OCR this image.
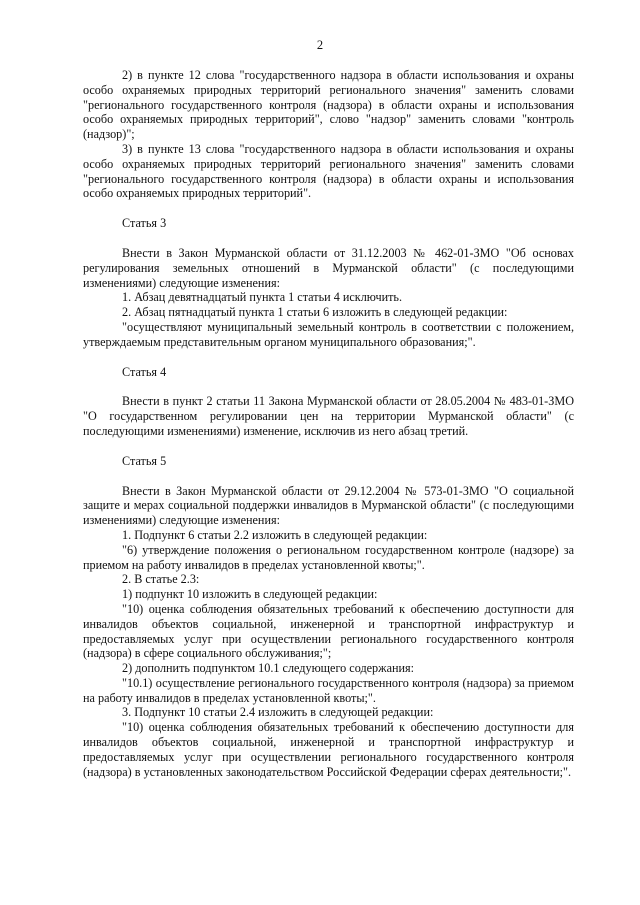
2

2) в пункте 12 слова "государственного надзора в области использования и охраны особо охраняемых природных территорий регионального значения" заменить словами "регионального государственного контроля (надзора) в области охраны и использования особо охраняемых природных территорий", слово "надзор" заменить словами "контроль (надзор)";

3) в пункте 13 слова "государственного надзора в области использования и охраны особо охраняемых природных территорий регионального значения" заменить словами "регионального государственного контроля (надзора) в области охраны и использования особо охраняемых природных территорий".

Статья 3

Внести в Закон Мурманской области от 31.12.2003 № 462-01-ЗМО "Об основах регулирования земельных отношений в Мурманской области" (с последующими изменениями) следующие изменения:

1. Абзац девятнадцатый пункта 1 статьи 4 исключить.

2. Абзац пятнадцатый пункта 1 статьи 6 изложить в следующей редакции:

"осуществляют муниципальный земельный контроль в соответствии с положением, утверждаемым представительным органом муниципального образования;".

Статья 4

Внести в пункт 2 статьи 11 Закона Мурманской области от 28.05.2004 № 483-01-ЗМО "О государственном регулировании цен на территории Мурманской области" (с последующими изменениями) изменение, исключив из него абзац третий.

Статья 5

Внести в Закон Мурманской области от 29.12.2004 № 573-01-ЗМО "О социальной защите и мерах социальной поддержки инвалидов в Мурманской области" (с последующими изменениями) следующие изменения:

1. Подпункт 6 статьи 2.2 изложить в следующей редакции:

"6) утверждение положения о региональном государственном контроле (надзоре) за приемом на работу инвалидов в пределах установленной квоты;".

2. В статье 2.3:

1) подпункт 10 изложить в следующей редакции:

"10) оценка соблюдения обязательных требований к обеспечению доступности для инвалидов объектов социальной, инженерной и транспортной инфраструктур и предоставляемых услуг при осуществлении регионального государственного контроля (надзора) в сфере социального обслуживания;";

2) дополнить подпунктом 10.1 следующего содержания:

"10.1) осуществление регионального государственного контроля (надзора) за приемом на работу инвалидов в пределах установленной квоты;".

3. Подпункт 10 статьи 2.4 изложить в следующей редакции:

"10) оценка соблюдения обязательных требований к обеспечению доступности для инвалидов объектов социальной, инженерной и транспортной инфраструктур и предоставляемых услуг при осуществлении регионального государственного контроля (надзора) в установленных законодательством Российской Федерации сферах деятельности;".
